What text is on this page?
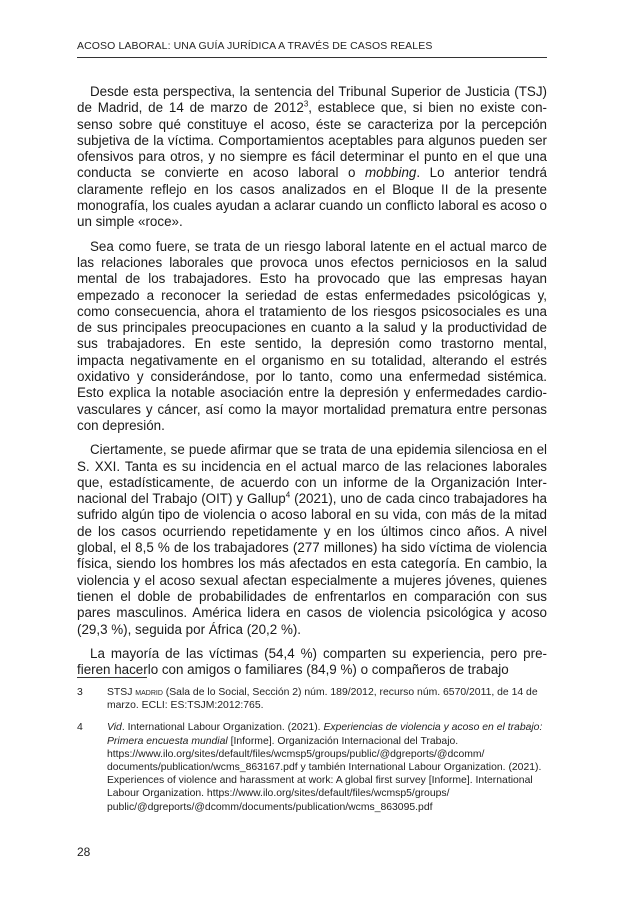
ACOSO LABORAL: UNA GUÍA JURÍDICA A TRAVÉS DE CASOS REALES

Desde esta perspectiva, la sentencia del Tribunal Superior de Justicia (TSJ) de Madrid, de 14 de marzo de 2012$^3$, establece que, si bien no existe consenso sobre qué constituye el acoso, éste se caracteriza por la percepción subjetiva de la víctima. Comportamientos aceptables para algunos pueden ser ofensivos para otros, y no siempre es fácil determinar el punto en el que una conducta se convierte en acoso laboral o mobbing. Lo anterior tendrá claramente reflejo en los casos analizados en el Bloque II de la presente monografía, los cuales ayudan a aclarar cuando un conflicto laboral es acoso o un simple «roce».

Sea como fuere, se trata de un riesgo laboral latente en el actual marco de las relaciones laborales que provoca unos efectos perniciosos en la salud mental de los trabajadores. Esto ha provocado que las empresas hayan empezado a reconocer la seriedad de estas enfermedades psicológicas y, como consecuencia, ahora el tratamiento de los riesgos psicosociales es una de sus principales preocupaciones en cuanto a la salud y la productividad de sus trabajadores. En este sentido, la depresión como trastorno mental, impacta negativamente en el organismo en su totalidad, alterando el estrés oxidativo y considerándose, por lo tanto, como una enfermedad sistémica. Esto explica la notable asociación entre la depresión y enfermedades cardiovasculares y cáncer, así como la mayor mortalidad prematura entre personas con depresión.

Ciertamente, se puede afirmar que se trata de una epidemia silenciosa en el S. XXI. Tanta es su incidencia en el actual marco de las relaciones laborales que, estadísticamente, de acuerdo con un informe de la Organización Internacional del Trabajo (OIT) y Gallup$^4$ (2021), uno de cada cinco trabajadores ha sufrido algún tipo de violencia o acoso laboral en su vida, con más de la mitad de los casos ocurriendo repetidamente y en los últimos cinco años. A nivel global, el 8,5 % de los trabajadores (277 millones) ha sido víctima de violencia física, siendo los hombres los más afectados en esta categoría. En cambio, la violencia y el acoso sexual afectan especialmente a mujeres jóvenes, quienes tienen el doble de probabilidades de enfrentarlos en comparación con sus pares masculinos. América lidera en casos de violencia psicológica y acoso (29,3 %), seguida por África (20,2 %).

La mayoría de las víctimas (54,4 %) comparten su experiencia, pero prefieren hacerlo con amigos o familiares (84,9 %) o compañeros de trabajo

3	STSJ madrid (Sala de lo Social, Sección 2) núm. 189/2012, recurso núm. 6570/2011, de 14 de marzo. ECLI: ES:TSJM:2012:765.
4	Vid. International Labour Organization. (2021). Experiencias de violencia y acoso en el trabajo: Primera encuesta mundial [Informe]. Organización Internacional del Trabajo. https://www.ilo.org/sites/default/files/wcmsp5/groups/public/@dgreports/@dcomm/ documents/publication/wcms_863167.pdf y también International Labour Organization. (2021). Experiences of violence and harassment at work: A global first survey [Informe]. International Labour Organization. https://www.ilo.org/sites/default/files/wcmsp5/groups/ public/@dgreports/@dcomm/documents/publication/wcms_863095.pdf
28
